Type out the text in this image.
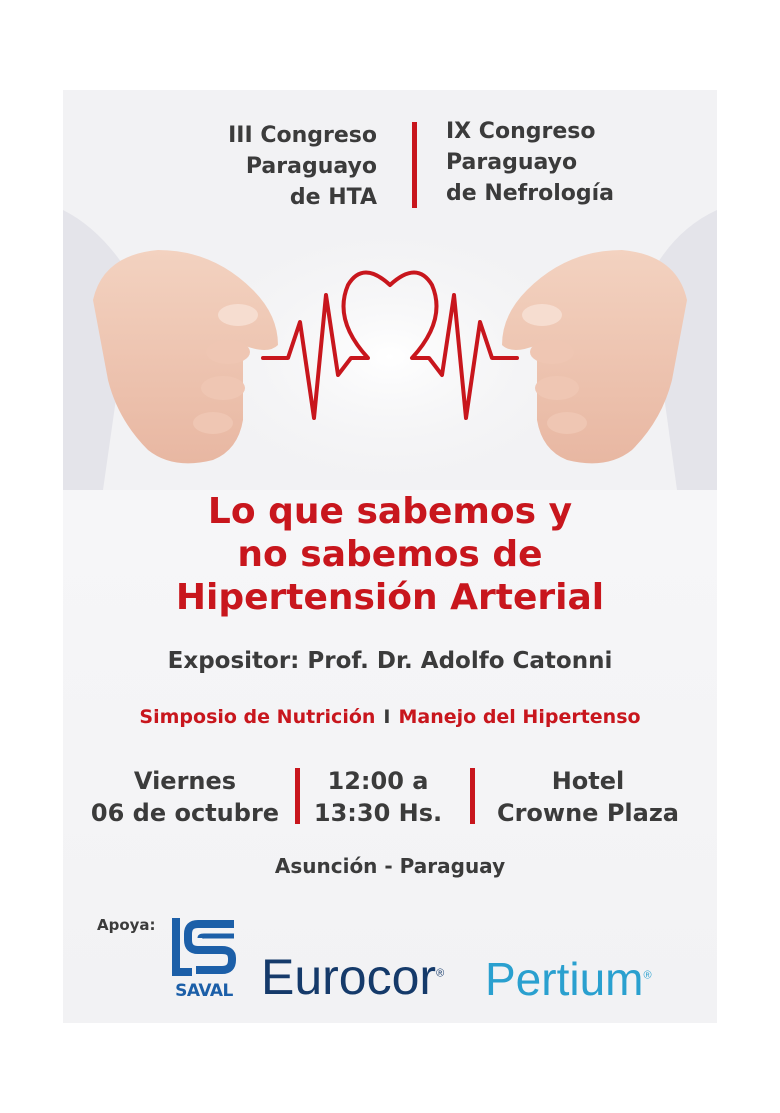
III Congreso
Paraguayo
de HTA
IX Congreso
Paraguayo
de Nefrología
Lo que sabemos y
no sabemos de
Hipertensión Arterial
Expositor: Prof. Dr. Adolfo Catonni
Simposio de Nutrición I Manejo del Hipertenso
Viernes
06 de octubre
12:00 a
13:30 Hs.
Hotel
Crowne Plaza
Asunción - Paraguay
Apoya:
SAVAL Eurocor® Pertium®
